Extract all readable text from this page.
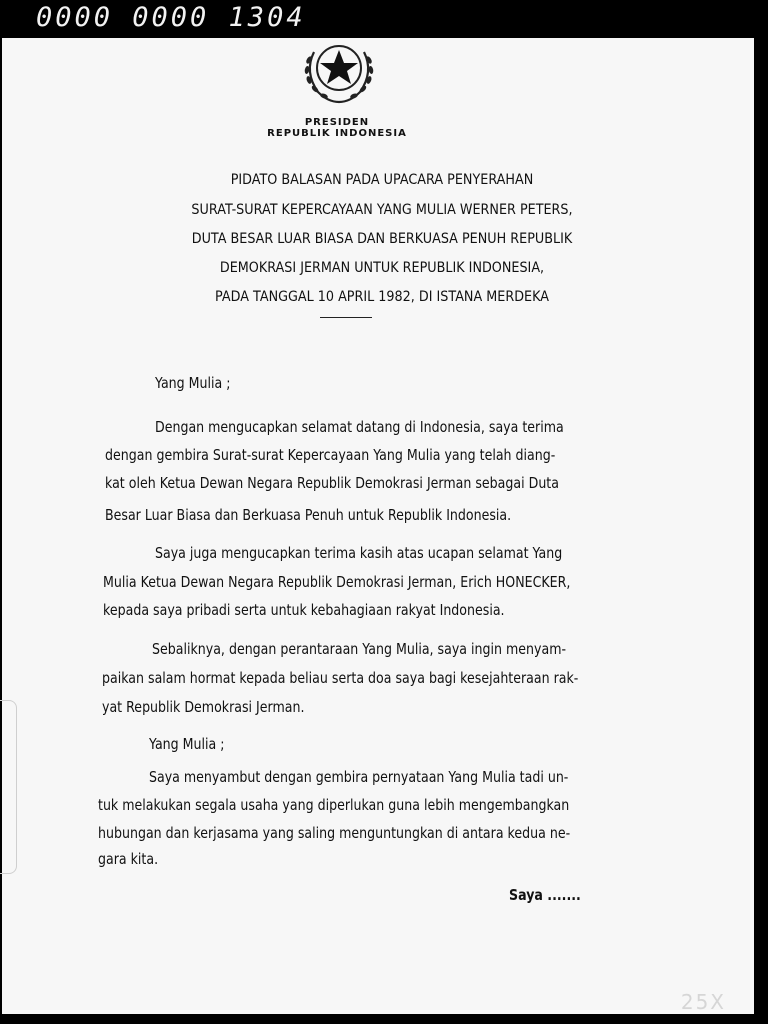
0000 0000 1304
PRESIDEN
REPUBLIK INDONESIA
PIDATO BALASAN PADA UPACARA PENYERAHAN
SURAT-SURAT KEPERCAYAAN YANG MULIA WERNER PETERS,
DUTA BESAR LUAR BIASA DAN BERKUASA PENUH REPUBLIK
DEMOKRASI JERMAN UNTUK REPUBLIK INDONESIA,
PADA TANGGAL 10 APRIL 1982, DI ISTANA MERDEKA
Yang Mulia ;
Dengan mengucapkan selamat datang di Indonesia, saya terima
dengan gembira Surat-surat Kepercayaan Yang Mulia yang telah diang-
kat oleh Ketua Dewan Negara Republik Demokrasi Jerman sebagai Duta
Besar Luar Biasa dan Berkuasa Penuh untuk Republik Indonesia.
Saya juga mengucapkan terima kasih atas ucapan selamat Yang
Mulia Ketua Dewan Negara Republik Demokrasi Jerman, Erich HONECKER,
kepada saya pribadi serta untuk kebahagiaan rakyat Indonesia.
Sebaliknya, dengan perantaraan Yang Mulia, saya ingin menyam-
paikan salam hormat kepada beliau serta doa saya bagi kesejahteraan rak-
yat Republik Demokrasi Jerman.
Yang Mulia ;
Saya menyambut dengan gembira pernyataan Yang Mulia tadi un-
tuk melakukan segala usaha yang diperlukan guna lebih mengembangkan
hubungan dan kerjasama yang saling menguntungkan di antara kedua ne-
gara kita.
Saya .......
25X
